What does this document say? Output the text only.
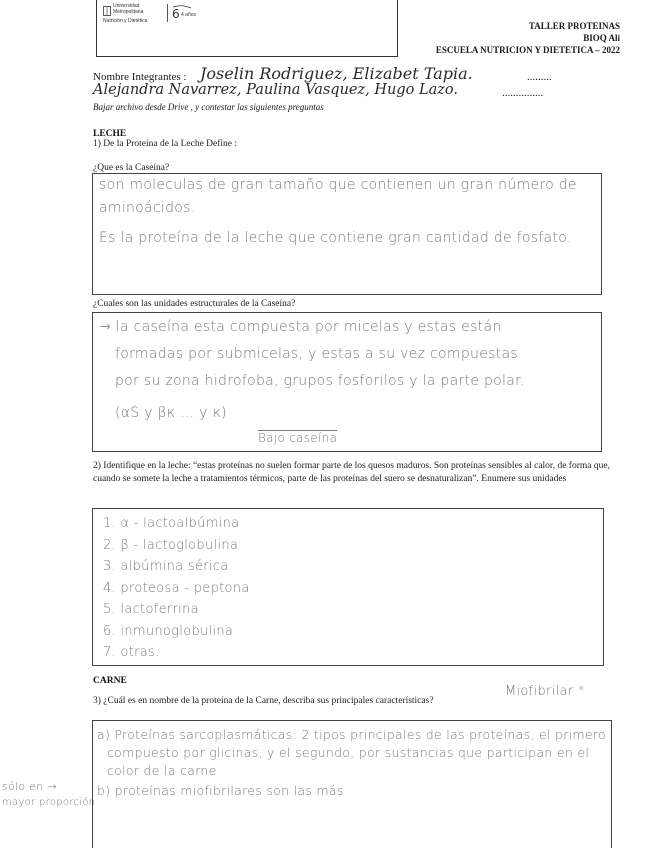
Universidad Metropolitana
Nutrición y Dietética	6 4 años
TALLER PROTEINAS
BIOQ Ali
ESCUELA NUTRICION Y DIETETICA – 2022
Nombre Integrantes : Joselin Rodriguez, Elizabet Tapia.	.........
Alejandra Navarrez, Paulina Vasquez, Hugo Lazo.	...............
Bajar archivo desde Drive , y contestar las siguientes preguntas
LECHE
1) De la Proteína de la Leche Define :
¿Que es la Caseína?
son moleculas de gran tamaño que contienen un gran número de
aminoácidos.
Es la proteína de la leche que contiene gran cantidad de fosfato.
¿Cuales son las unidades estructurales de la Caseína?
→ la caseína esta compuesta por micelas y estas están
formadas por submicelas, y estas a su vez compuestas
por su zona hidrofoba, grupos fosforilos y la parte polar.
(αS y βκ ... y κ)
Bajo caseína
2) Identifique en la leche: “estas proteínas no suelen formar parte de los quesos maduros. Son proteínas sensibles al calor, de forma que, cuando se somete la leche a tratamientos térmicos, parte de las proteínas del suero se desnaturalizan”. Enumere sus unidades
1. α - lactoalbúmina
2. β - lactoglobulina
3. albúmina sérica
4. proteosa - peptona
5. lactoferrina
6. inmunoglobulina
7. otras.
CARNE
3) ¿Cuál es en nombre de la proteína de la Carne, describa sus principales características?
Miofibrilar *
a) Proteínas sarcoplasmáticas: 2 tipos principales de las proteínas, el primero
compuesto por glicinas, y el segundo, por sustancias que participan en el
color de la carne
b) proteínas miofibrilares son las más
sólo en →
mayor proporción
